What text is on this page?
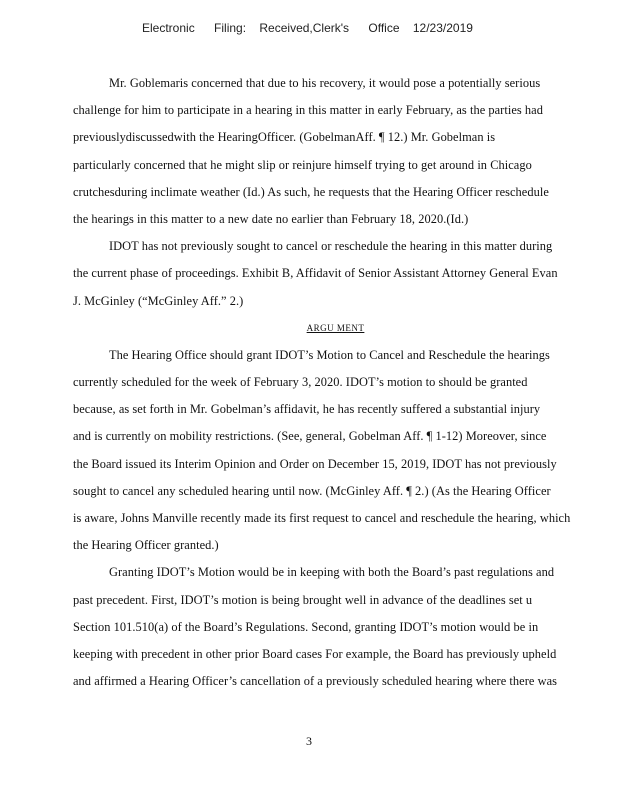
Electronic Filing: Received,Clerk's Office 12/23/2019
Mr. Goblemaris concerned that due to his recovery, it would pose a potentially serious
challenge for him to participate in a hearing in this matter in early February, as the parties had
previouslydiscussedwith the HearingOfficer. (GobelmanAff. ¶ 12.) Mr. Gobelman is
particularly concerned that he might slip or reinjure himself trying to get around in Chicago
crutchesduring inclimate weather (Id.) As such, he requests that the Hearing Officer reschedule
the hearings in this matter to a new date no earlier than February 18, 2020.(Id.)
IDOT has not previously sought to cancel or reschedule the hearing in this matter during
the current phase of proceedings. Exhibit B, Affidavit of Senior Assistant Attorney General Evan
J. McGinley (“McGinley Aff.” 2.)
ARGU MENT
The Hearing Office should grant IDOT’s Motion to Cancel and Reschedule the hearings
currently scheduled for the week of February 3, 2020. IDOT’s motion to should be granted
because, as set forth in Mr. Gobelman’s affidavit, he has recently suffered a substantial injury
and is currently on mobility restrictions. (See, general, Gobelman Aff. ¶ 1-12) Moreover, since
the Board issued its Interim Opinion and Order on December 15, 2019, IDOT has not previously
sought to cancel any scheduled hearing until now. (McGinley Aff. ¶ 2.) (As the Hearing Officer
is aware, Johns Manville recently made its first request to cancel and reschedule the hearing, which
the Hearing Officer granted.)
Granting IDOT’s Motion would be in keeping with both the Board’s past regulations and
past precedent. First, IDOT’s motion is being brought well in advance of the deadlines set u
Section 101.510(a) of the Board’s Regulations. Second, granting IDOT’s motion would be in
keeping with precedent in other prior Board cases For example, the Board has previously upheld
and affirmed a Hearing Officer’s cancellation of a previously scheduled hearing where there was
3
